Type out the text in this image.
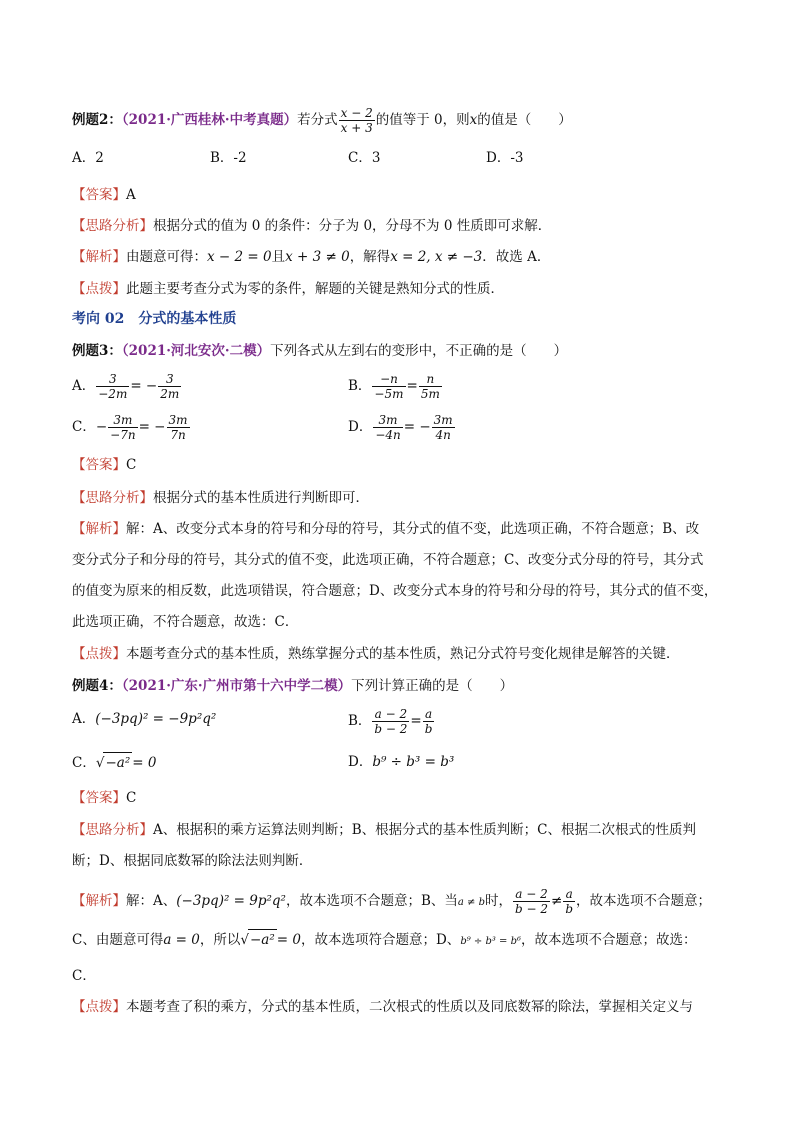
例题2：（2021·广西桂林·中考真题）若分式 $\frac{x - 2}{x + 3}$ 的值等于 0，则x的值是（　　）
A．2	B．-2	C．3	D．-3
【答案】A
【思路分析】根据分式的值为 0 的条件：分子为 0，分母不为 0 性质即可求解．
【解析】由题意可得：x − 2 = 0且x + 3 ≠ 0，解得x = 2, x ≠ −3．故选 A．
【点拨】此题主要考查分式为零的条件，解题的关键是熟知分式的性质．
考向 02　分式的基本性质
例题3：（2021·河北安次·二模）下列各式从左到右的变形中，不正确的是（　　）
A． $\frac{3}{-2m}$ = − $\frac{3}{2m}$	B． $\frac{-n}{-5m} = \frac{n}{5m}$
C．− $\frac{3m}{-7n}$ = − $\frac{3m}{7n}$	D． $\frac{3m}{-4n}$ = − $\frac{3m}{4n}$
【答案】C
【思路分析】根据分式的基本性质进行判断即可．
【解析】解：A、改变分式本身的符号和分母的符号，其分式的值不变，此选项正确，不符合题意；B、改
变分式分子和分母的符号，其分式的值不变，此选项正确，不符合题意；C、改变分式分母的符号，其分式
的值变为原来的相反数，此选项错误，符合题意；D、改变分式本身的符号和分母的符号，其分式的值不变，
此选项正确，不符合题意，故选：C．
【点拨】本题考查分式的基本性质，熟练掌握分式的基本性质，熟记分式符号变化规律是解答的关键．
例题4：（2021·广东·广州市第十六中学二模）下列计算正确的是（　　）
A．(−3pq)² = −9p²q²	B． $\frac{a - 2}{b - 2} = \frac{a}{b}$
C．√−a² = 0	D．b⁹ ÷ b³ = b³
【答案】C
【思路分析】A、根据积的乘方运算法则判断；B、根据分式的基本性质判断；C、根据二次根式的性质判
断；D、根据同底数幂的除法法则判断．
【解析】解：A、(−3pq)² = 9p²q²，故本选项不合题意；B、当a ≠ b时， $\frac{a - 2}{b - 2} \ne \frac{a}{b}$ ，故本选项不合题意；
C、由题意可得a = 0，所以√−a² = 0，故本选项符合题意；D、b⁹ ÷ b³ = b⁶，故本选项不合题意；故选：
C．
【点拨】本题考查了积的乘方，分式的基本性质，二次根式的性质以及同底数幂的除法，掌握相关定义与
